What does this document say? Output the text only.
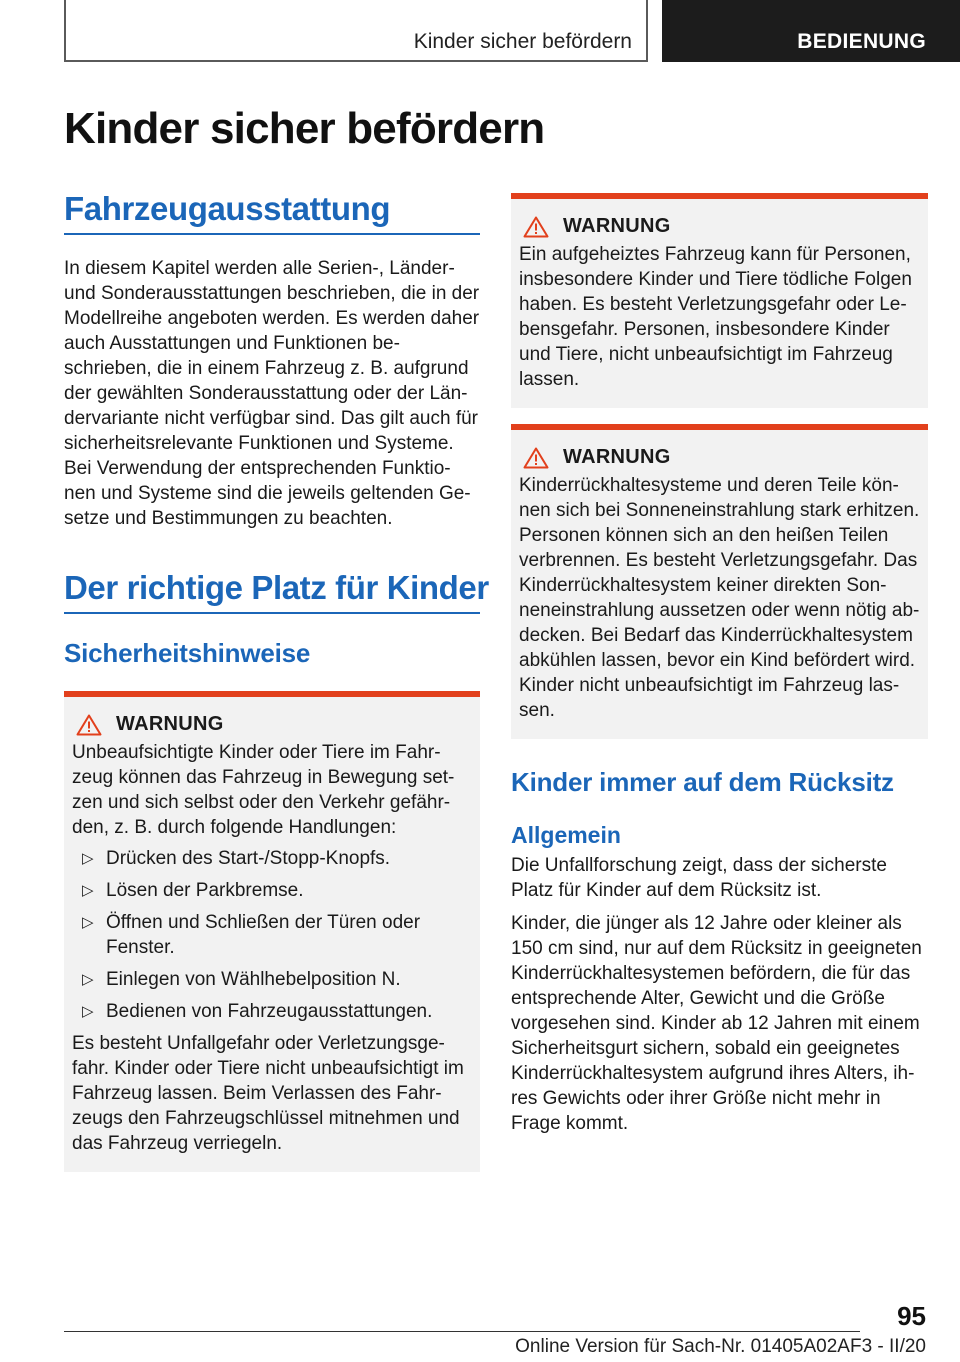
Kinder sicher befördern	BEDIENUNG
Kinder sicher befördern
Fahrzeugausstattung

In diesem Kapitel werden alle Serien-, Länder- und Sonderausstattungen beschrieben, die in der Modellreihe angeboten werden. Es werden daher auch Ausstattungen und Funktionen be-schrieben, die in einem Fahrzeug z. B. aufgrund der gewählten Sonderausstattung oder der Län-dervariante nicht verfügbar sind. Das gilt auch für sicherheitsrelevante Funktionen und Systeme. Bei Verwendung der entsprechenden Funktio-nen und Systeme sind die jeweils geltenden Ge-setze und Bestimmungen zu beachten.

Der richtige Platz für Kinder
Sicherheitshinweise
WARNUNG
Unbeaufsichtigte Kinder oder Tiere im Fahr-zeug können das Fahrzeug in Bewegung set-zen und sich selbst oder den Verkehr gefähr-den, z. B. durch folgende Handlungen:
▷ Drücken des Start-/Stopp-Knopfs.
▷ Lösen der Parkbremse.
▷ Öffnen und Schließen der Türen oder Fenster.
▷ Einlegen von Wählhebelposition N.
▷ Bedienen von Fahrzeugausstattungen.
Es besteht Unfallgefahr oder Verletzungsge-fahr. Kinder oder Tiere nicht unbeaufsichtigt im Fahrzeug lassen. Beim Verlassen des Fahr-zeugs den Fahrzeugschlüssel mitnehmen und das Fahrzeug verriegeln.
WARNUNG
Ein aufgeheiztes Fahrzeug kann für Personen, insbesondere Kinder und Tiere tödliche Folgen haben. Es besteht Verletzungsgefahr oder Le-bensgefahr. Personen, insbesondere Kinder und Tiere, nicht unbeaufsichtigt im Fahrzeug lassen.
WARNUNG
Kinderrückhaltesysteme und deren Teile kön-nen sich bei Sonneneinstrahlung stark erhitzen. Personen können sich an den heißen Teilen verbrennen. Es besteht Verletzungsgefahr. Das Kinderrückhaltesystem keiner direkten Son-neneinstrahlung aussetzen oder wenn nötig ab-decken. Bei Bedarf das Kinderrückhaltesystem abkühlen lassen, bevor ein Kind befördert wird. Kinder nicht unbeaufsichtigt im Fahrzeug las-sen.
Kinder immer auf dem Rücksitz
Allgemein

Die Unfallforschung zeigt, dass der sicherste Platz für Kinder auf dem Rücksitz ist.

Kinder, die jünger als 12 Jahre oder kleiner als 150 cm sind, nur auf dem Rücksitz in geeigneten Kinderrückhaltesystemen befördern, die für das entsprechende Alter, Gewicht und die Größe vorgesehen sind. Kinder ab 12 Jahren mit einem Sicherheitsgurt sichern, sobald ein geeignetes Kinderrückhaltesystem aufgrund ihres Alters, ih-res Gewichts oder ihrer Größe nicht mehr in Frage kommt.

95
Online Version für Sach-Nr. 01405A02AF3 - II/20
